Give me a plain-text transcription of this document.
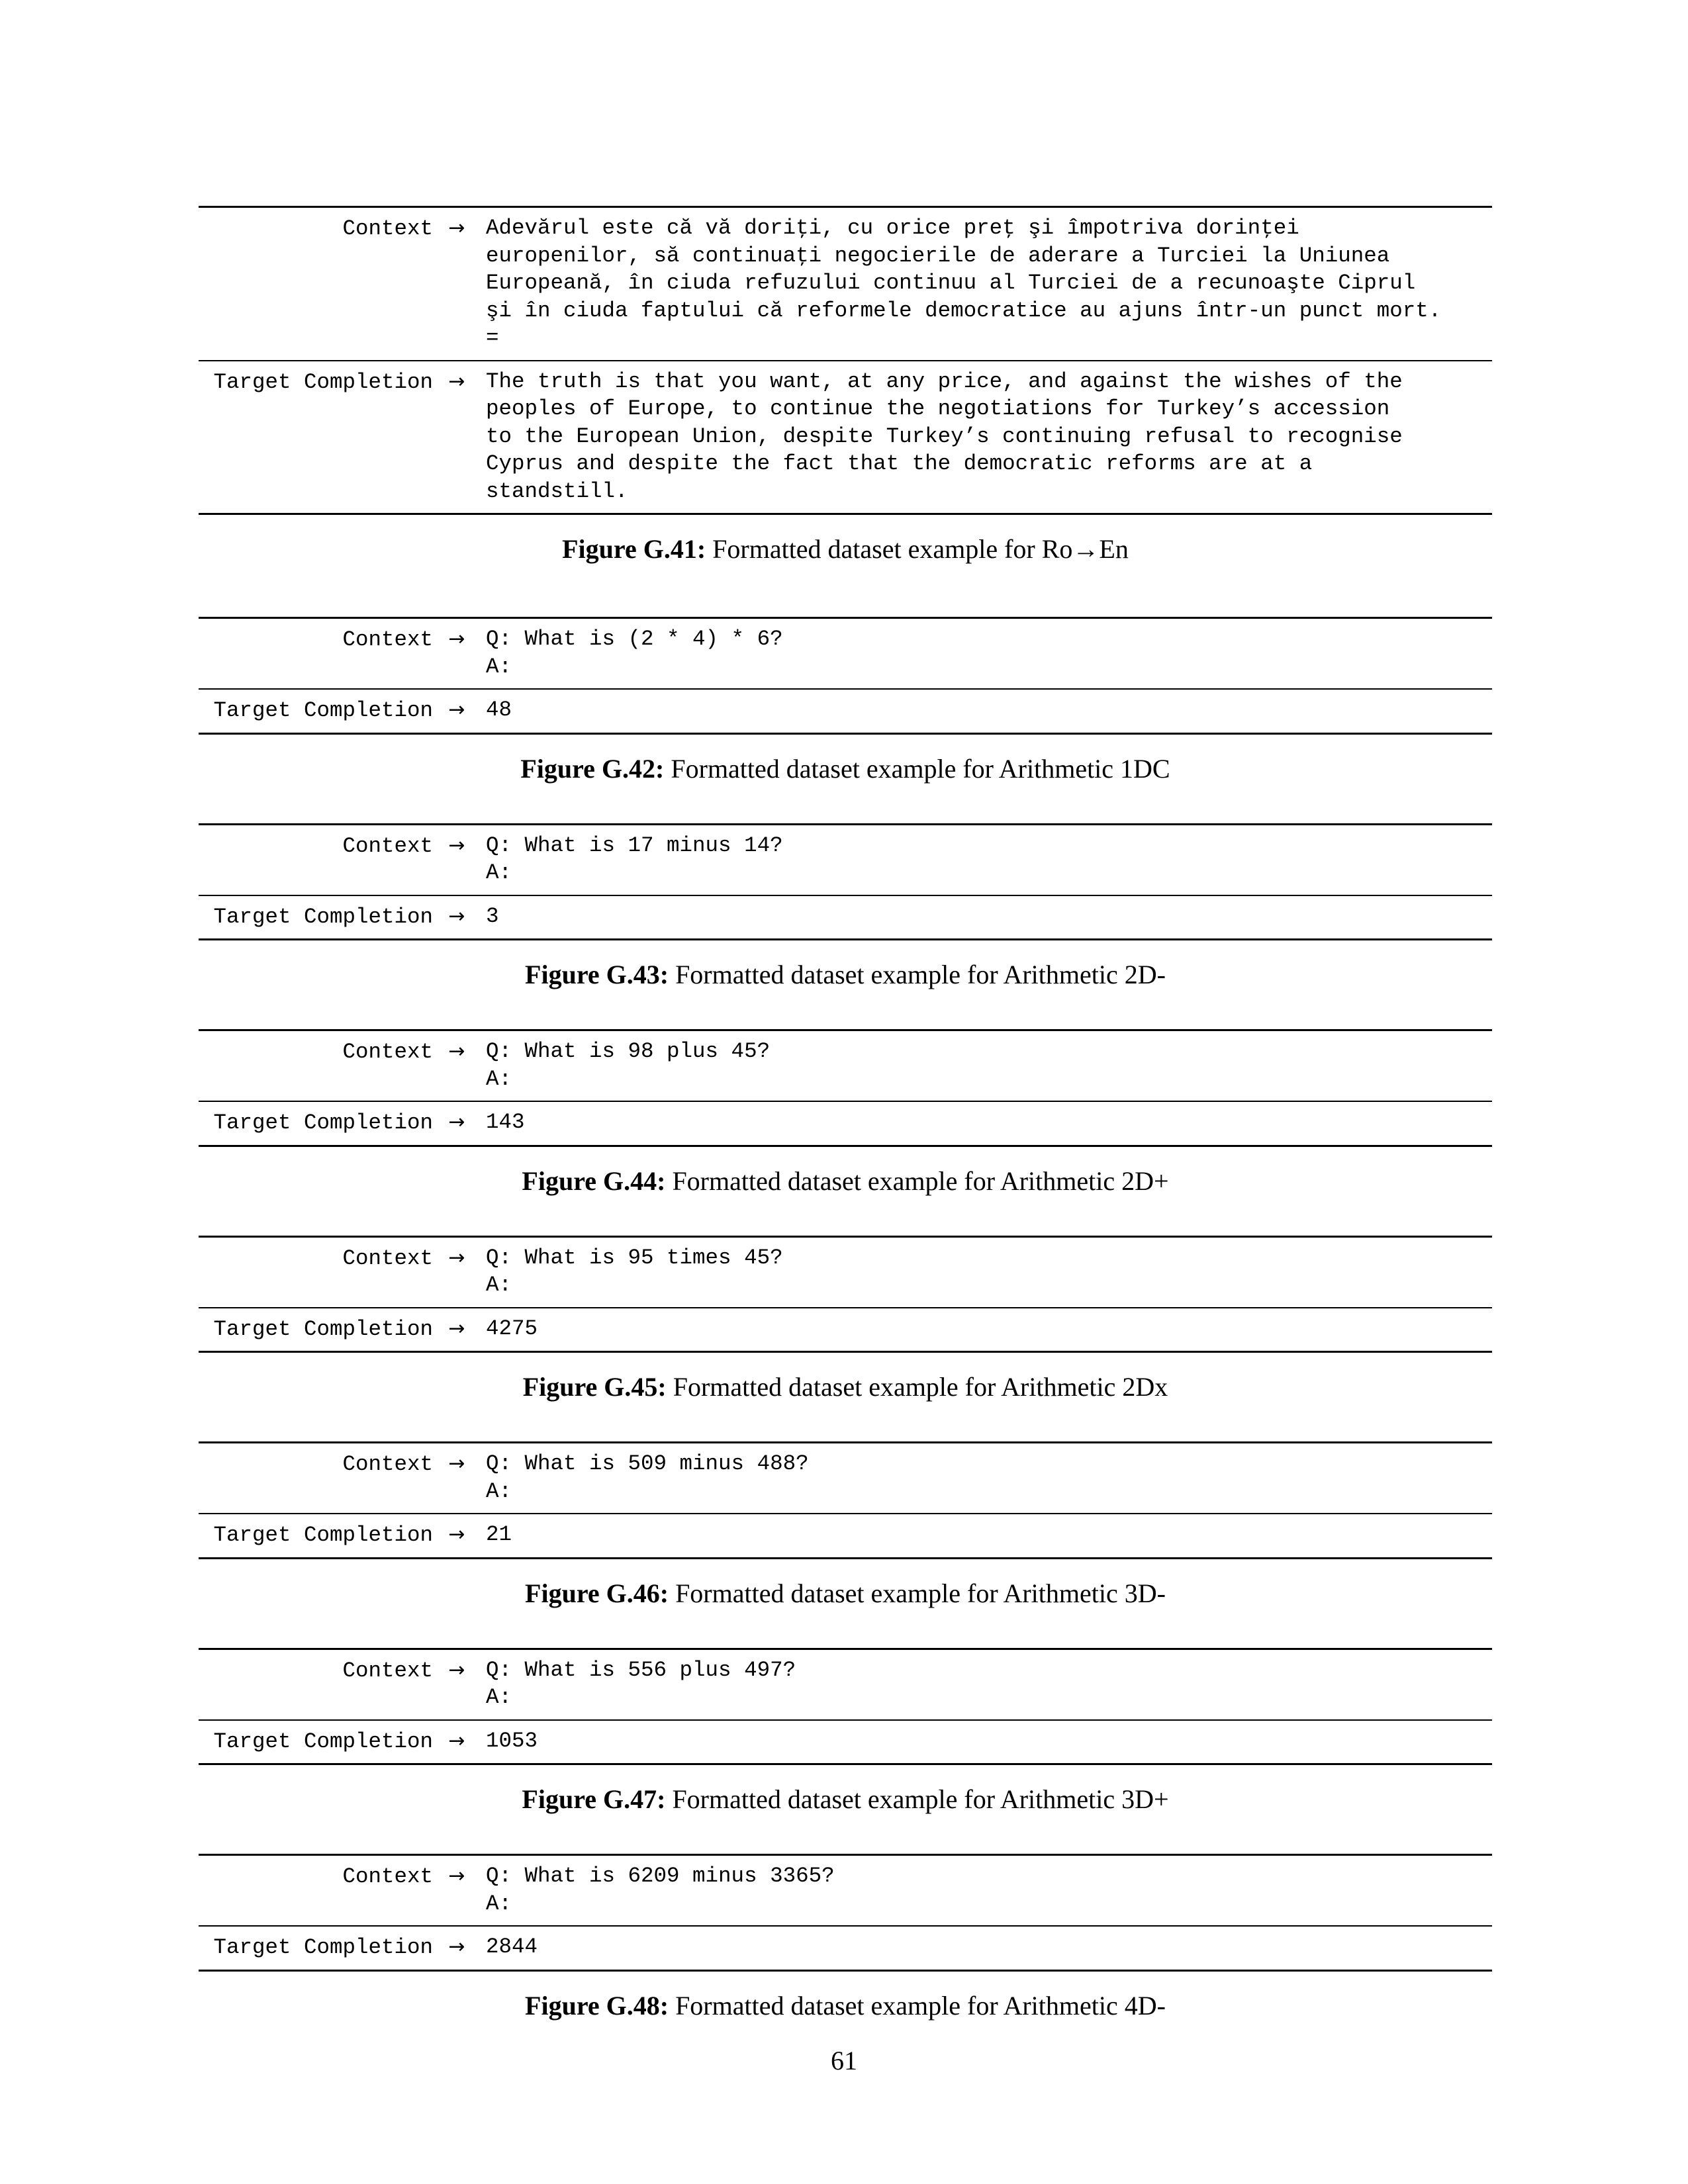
Context →	Adevărul este că vă doriţi, cu orice preţ şi împotriva dorinţei
europenilor, să continuaţi negocierile de aderare a Turciei la Uniunea
Europeană, în ciuda refuzului continuu al Turciei de a recunoaşte Ciprul
şi în ciuda faptului că reformele democratice au ajuns într-un punct mort.
=
Target Completion →	The truth is that you want, at any price, and against the wishes of the
peoples of Europe, to continue the negotiations for Turkey’s accession
to the European Union, despite Turkey’s continuing refusal to recognise
Cyprus and despite the fact that the democratic reforms are at a
standstill.
Figure G.41: Formatted dataset example for Ro→En
Context →	Q: What is (2 * 4) * 6?
A:
Target Completion →	48
Figure G.42: Formatted dataset example for Arithmetic 1DC
Context →	Q: What is 17 minus 14?
A:
Target Completion →	3
Figure G.43: Formatted dataset example for Arithmetic 2D-
Context →	Q: What is 98 plus 45?
A:
Target Completion →	143
Figure G.44: Formatted dataset example for Arithmetic 2D+
Context →	Q: What is 95 times 45?
A:
Target Completion →	4275
Figure G.45: Formatted dataset example for Arithmetic 2Dx
Context →	Q: What is 509 minus 488?
A:
Target Completion →	21
Figure G.46: Formatted dataset example for Arithmetic 3D-
Context →	Q: What is 556 plus 497?
A:
Target Completion →	1053
Figure G.47: Formatted dataset example for Arithmetic 3D+
Context →	Q: What is 6209 minus 3365?
A:
Target Completion →	2844
Figure G.48: Formatted dataset example for Arithmetic 4D-
61
